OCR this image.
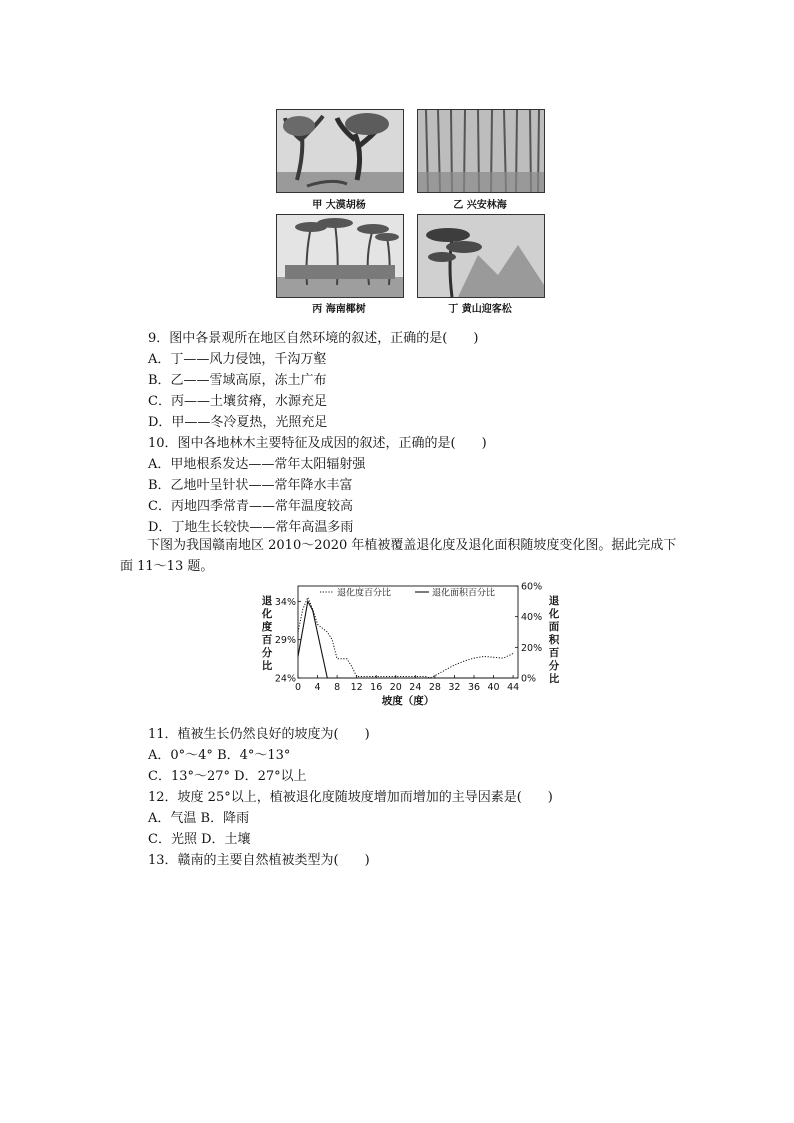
甲 大漠胡杨	乙 兴安林海
丙 海南椰树	丁 黄山迎客松
9．图中各景观所在地区自然环境的叙述，正确的是(　　)
A．丁——风力侵蚀，千沟万壑
B．乙——雪域高原，冻土广布
C．丙——土壤贫瘠，水源充足
D．甲——冬冷夏热，光照充足
10．图中各地林木主要特征及成因的叙述，正确的是(　　)
A．甲地根系发达——常年太阳辐射强
B．乙地叶呈针状——常年降水丰富
C．丙地四季常青——常年温度较高
D．丁地生长较快——常年高温多雨

下图为我国赣南地区 2010～2020 年植被覆盖退化度及退化面积随坡度变化图。据此完成下面 11～13 题。

0 4 8 12 16 20 24 28 32 36 40 44
24%
29%
34%
0%
20%
40%
60%
退
化
度
百
分
比
退
化
面
积
百
分
比
坡度（度）
退化度百分比	退化面积百分比
11．植被生长仍然良好的坡度为(　　)
A．0°～4° B．4°～13°
C．13°～27° D．27°以上
12．坡度 25°以上，植被退化度随坡度增加而增加的主导因素是(　　)
A．气温 B．降雨
C．光照 D．土壤
13．赣南的主要自然植被类型为(　　)
